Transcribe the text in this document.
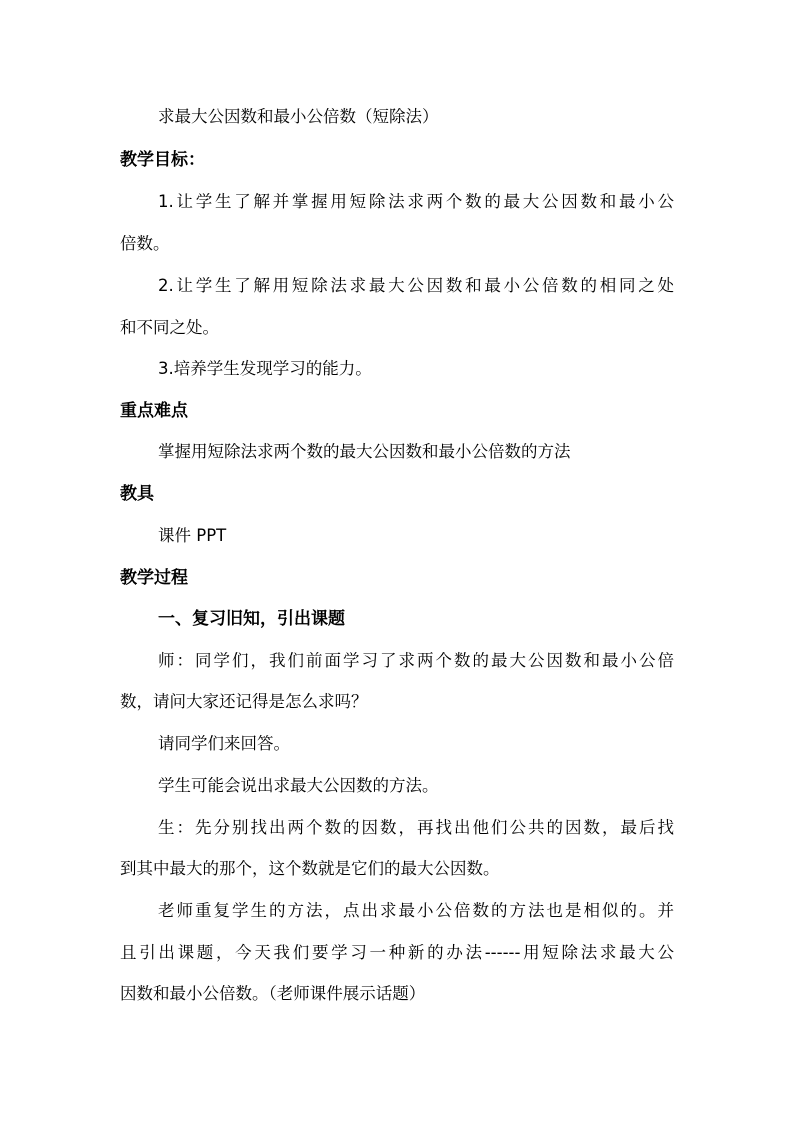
求最大公因数和最小公倍数（短除法）
教学目标：
1.让学生了解并掌握用短除法求两个数的最大公因数和最小公
倍数。
2.让学生了解用短除法求最大公因数和最小公倍数的相同之处
和不同之处。
3.培养学生发现学习的能力。
重点难点
掌握用短除法求两个数的最大公因数和最小公倍数的方法
教具
课件 PPT
教学过程
一、复习旧知，引出课题
师：同学们，我们前面学习了求两个数的最大公因数和最小公倍
数，请问大家还记得是怎么求吗？
请同学们来回答。
学生可能会说出求最大公因数的方法。
生：先分别找出两个数的因数，再找出他们公共的因数，最后找
到其中最大的那个，这个数就是它们的最大公因数。
老师重复学生的方法，点出求最小公倍数的方法也是相似的。并
且引出课题，今天我们要学习一种新的办法------用短除法求最大公
因数和最小公倍数。（老师课件展示话题）
